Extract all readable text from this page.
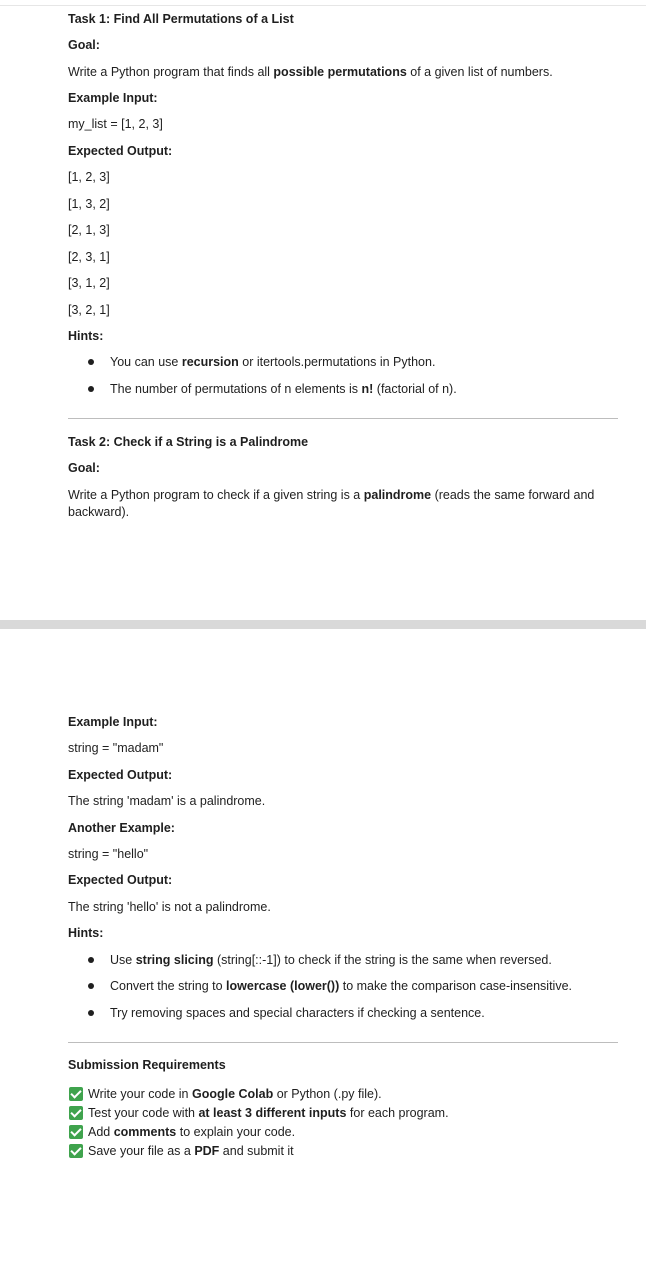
Task 1: Find All Permutations of a List
Goal:
Write a Python program that finds all possible permutations of a given list of numbers.
Example Input:
my_list = [1, 2, 3]
Expected Output:
[1, 2, 3]
[1, 3, 2]
[2, 1, 3]
[2, 3, 1]
[3, 1, 2]
[3, 2, 1]
Hints:
You can use recursion or itertools.permutations in Python.
The number of permutations of n elements is n! (factorial of n).
Task 2: Check if a String is a Palindrome
Goal:
Write a Python program to check if a given string is a palindrome (reads the same forward and backward).
Example Input:
string = "madam"
Expected Output:
The string 'madam' is a palindrome.
Another Example:
string = "hello"
Expected Output:
The string 'hello' is not a palindrome.
Hints:
Use string slicing (string[::-1]) to check if the string is the same when reversed.
Convert the string to lowercase (lower()) to make the comparison case-insensitive.
Try removing spaces and special characters if checking a sentence.
Submission Requirements
Write your code in Google Colab or Python (.py file).
Test your code with at least 3 different inputs for each program.
Add comments to explain your code.
Save your file as a PDF and submit it
